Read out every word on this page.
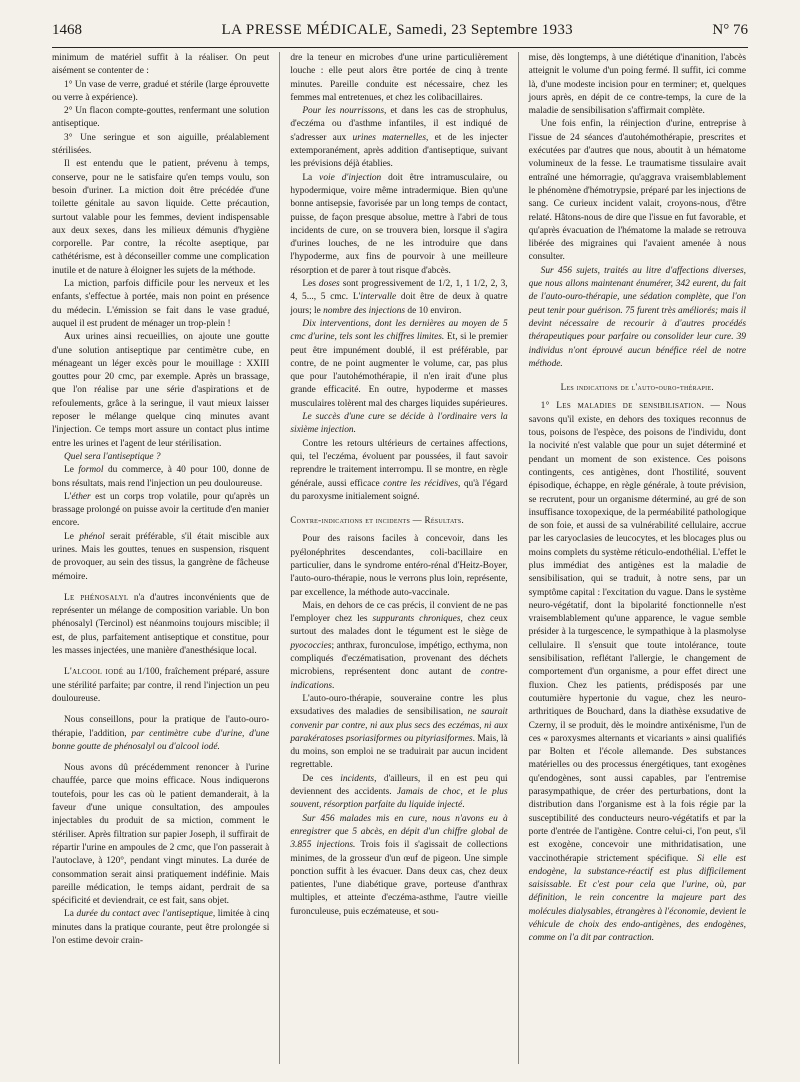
1468	LA PRESSE MÉDICALE, Samedi, 23 Septembre 1933	N° 76

minimum de matériel suffit à la réaliser. On peut aisément se contenter de :

1° Un vase de verre, gradué et stérile (large éprouvette ou verre à expérience).

2° Un flacon compte-gouttes, renfermant une solution antiseptique.

3° Une seringue et son aiguille, préalablement stérilisées.

Il est entendu que le patient, prévenu à temps, conserve, pour ne le satisfaire qu'en temps voulu, son besoin d'uriner. La miction doit être précédée d'une toilette génitale au savon liquide. Cette précaution, surtout valable pour les femmes, devient indispensable aux deux sexes, dans les milieux démunis d'hygiène corporelle. Par contre, la récolte aseptique, par cathétérisme, est à déconseiller comme une complication inutile et de nature à éloigner les sujets de la méthode.

La miction, parfois difficile pour les nerveux et les enfants, s'effectue à portée, mais non point en présence du médecin. L'émission se fait dans le vase gradué, auquel il est prudent de ménager un trop-plein !

Aux urines ainsi recueillies, on ajoute une goutte d'une solution antiseptique par centimètre cube, en ménageant un léger excès pour le mouillage : XXIII gouttes pour 20 cmc, par exemple. Après un brassage, que l'on réalise par une série d'aspirations et de refoulements, grâce à la seringue, il vaut mieux laisser reposer le mélange quelque cinq minutes avant l'injection. Ce temps mort assure un contact plus intime entre les urines et l'agent de leur stérilisation.

Quel sera l'antiseptique ?

Le formol du commerce, à 40 pour 100, donne de bons résultats, mais rend l'injection un peu douloureuse.

L'éther est un corps trop volatile, pour qu'après un brassage prolongé on puisse avoir la certitude d'en manier encore.

Le phénol serait préférable, s'il était miscible aux urines. Mais les gouttes, tenues en suspension, risquent de provoquer, au sein des tissus, la gangrène de fâcheuse mémoire.

Le phénosalyl n'a d'autres inconvénients que de représenter un mélange de composition variable. Un bon phénosalyl (Tercinol) est néanmoins toujours miscible; il est, de plus, parfaitement antiseptique et constitue, pour les masses injectées, une manière d'anesthésique local.

L'alcool iodé au 1/100, fraîchement préparé, assure une stérilité parfaite; par contre, il rend l'injection un peu douloureuse.

Nous conseillons, pour la pratique de l'auto-ouro-thérapie, l'addition, par centimètre cube d'urine, d'une bonne goutte de phénosalyl ou d'alcool iodé.

Nous avons dû précédemment renoncer à l'urine chauffée, parce que moins efficace. Nous indiquerons toutefois, pour les cas où le patient demanderait, à la faveur d'une unique consultation, des ampoules injectables du produit de sa miction, comment le stériliser. Après filtration sur papier Joseph, il suffirait de répartir l'urine en ampoules de 2 cmc, que l'on passerait à l'autoclave, à 120°, pendant vingt minutes. La durée de consommation serait ainsi pratiquement indéfinie. Mais pareille médication, le temps aidant, perdrait de sa spécificité et deviendrait, ce est fait, sans objet.

La durée du contact avec l'antiseptique, limitée à cinq minutes dans la pratique courante, peut être prolongée si l'on estime devoir crain-

dre la teneur en microbes d'une urine particulièrement louche : elle peut alors être portée de cinq à trente minutes. Pareille conduite est nécessaire, chez les femmes mal entretenues, et chez les colibacillaires.

Pour les nourrissons, et dans les cas de strophulus, d'eczéma ou d'asthme infantiles, il est indiqué de s'adresser aux urines maternelles, et de les injecter extemporanément, après addition d'antiseptique, suivant les prévisions déjà établies.

La voie d'injection doit être intramusculaire, ou hypodermique, voire même intradermique. Bien qu'une bonne antisepsie, favorisée par un long temps de contact, puisse, de façon presque absolue, mettre à l'abri de tous incidents de cure, on se trouvera bien, lorsque il s'agira d'urines louches, de ne les introduire que dans l'hypoderme, aux fins de pourvoir à une meilleure résorption et de parer à tout risque d'abcès.

Les doses sont progressivement de 1/2, 1, 1 1/2, 2, 3, 4, 5..., 5 cmc. L'intervalle doit être de deux à quatre jours; le nombre des injections de 10 environ.

Dix interventions, dont les dernières au moyen de 5 cmc d'urine, tels sont les chiffres limites. Et, si le premier peut être impunément doublé, il est préférable, par contre, de ne point augmenter le volume, car, pas plus que pour l'autohémothérapie, il n'en irait d'une plus grande efficacité. En outre, hypoderme et masses musculaires tolèrent mal des charges liquides supérieures.

Le succès d'une cure se décide à l'ordinaire vers la sixième injection.

Contre les retours ultérieurs de certaines affections, qui, tel l'eczéma, évoluent par poussées, il faut savoir reprendre le traitement interrompu. Il se montre, en règle générale, aussi efficace contre les récidives, qu'à l'égard du paroxysme initialement soigné.

Contre-indications et incidents — Résultats.

Pour des raisons faciles à concevoir, dans les pyélonéphrites descendantes, coli-bacillaire en particulier, dans le syndrome entéro-rénal d'Heitz-Boyer, l'auto-ouro-thérapie, nous le verrons plus loin, représente, par excellence, la méthode auto-vaccinale.

Mais, en dehors de ce cas précis, il convient de ne pas l'employer chez les suppurants chroniques, chez ceux surtout des malades dont le tégument est le siège de pyococcies; anthrax, furonculose, impétigo, ecthyma, non compliqués d'eczématisation, provenant des déchets microbiens, représentent donc autant de contre-indications.

L'auto-ouro-thérapie, souveraine contre les plus exsudatives des maladies de sensibilisation, ne saurait convenir par contre, ni aux plus secs des eczémas, ni aux parakératoses psoriasiformes ou pityriasiformes. Mais, là du moins, son emploi ne se traduirait par aucun incident regrettable.

De ces incidents, d'ailleurs, il en est peu qui deviennent des accidents. Jamais de choc, et le plus souvent, résorption parfaite du liquide injecté.

Sur 456 malades mis en cure, nous n'avons eu à enregistrer que 5 abcès, en dépit d'un chiffre global de 3.855 injections. Trois fois il s'agissait de collections minimes, de la grosseur d'un œuf de pigeon. Une simple ponction suffit à les évacuer. Dans deux cas, chez deux patientes, l'une diabétique grave, porteuse d'anthrax multiples, et atteinte d'eczéma-asthme, l'autre vieille furonculeuse, puis eczémateuse, et sou-

mise, dès longtemps, à une diététique d'inanition, l'abcès atteignit le volume d'un poing fermé. Il suffit, ici comme là, d'une modeste incision pour en terminer; et, quelques jours après, en dépit de ce contre-temps, la cure de la maladie de sensibilisation s'affirmait complète.

Une fois enfin, la réinjection d'urine, entreprise à l'issue de 24 séances d'autohémothérapie, prescrites et exécutées par d'autres que nous, aboutit à un hématome volumineux de la fesse. Le traumatisme tissulaire avait entraîné une hémorragie, qu'aggrava vraisemblablement le phénomène d'hémotrypsie, préparé par les injections de sang. Ce curieux incident valait, croyons-nous, d'être relaté. Hâtons-nous de dire que l'issue en fut favorable, et qu'après évacuation de l'hématome la malade se retrouva libérée des migraines qui l'avaient amenée à nous consulter.

Sur 456 sujets, traités au litre d'affections diverses, que nous allons maintenant énumérer, 342 eurent, du fait de l'auto-ouro-thérapie, une sédation complète, que l'on peut tenir pour guérison. 75 furent très améliorés; mais il devint nécessaire de recourir à d'autres procédés thérapeutiques pour parfaire ou consolider leur cure. 39 individus n'ont éprouvé aucun bénéfice réel de notre méthode.

Les indications de l'auto-ouro-thérapie.

1° Les maladies de sensibilisation. — Nous savons qu'il existe, en dehors des toxiques reconnus de tous, poisons de l'espèce, des poisons de l'individu, dont la nocivité n'est valable que pour un sujet déterminé et pendant un moment de son existence. Ces poisons contingents, ces antigènes, dont l'hostilité, souvent épisodique, échappe, en règle générale, à toute prévision, se recrutent, pour un organisme déterminé, au gré de son insuffisance toxopexique, de la perméabilité pathologique de son foie, et aussi de sa vulnérabilité cellulaire, accrue par les caryoclasies de leucocytes, et les blocages plus ou moins complets du système réticulo-endothélial. L'effet le plus immédiat des antigènes est la maladie de sensibilisation, qui se traduit, à notre sens, par un symptôme capital : l'excitation du vague. Dans le système neuro-végétatif, dont la bipolarité fonctionnelle n'est vraisemblablement qu'une apparence, le vague semble présider à la turgescence, le sympathique à la plasmolyse cellulaire. Il s'ensuit que toute intolérance, toute sensibilisation, reflétant l'allergie, le changement de comportement d'un organisme, a pour effet direct une fluxion. Chez les patients, prédisposés par une coutumière hypertonie du vague, chez les neuro-arthritiques de Bouchard, dans la diathèse exsudative de Czerny, il se produit, dès le moindre antixénisme, l'un de ces « paroxysmes alternants et vicariants » ainsi qualifiés par Bolten et l'école allemande. Des substances matérielles ou des processus énergétiques, tant exogènes qu'endogènes, sont aussi capables, par l'entremise parasympathique, de créer des perturbations, dont la distribution dans l'organisme est à la fois régie par la susceptibilité des conducteurs neuro-végétatifs et par la porte d'entrée de l'antigène. Contre celui-ci, l'on peut, s'il est exogène, concevoir une mithridatisation, une vaccinothérapie strictement spécifique. Si elle est endogène, la substance-réactif est plus difficilement saisissable. Et c'est pour cela que l'urine, où, par définition, le rein concentre la majeure part des molécules dialysables, étrangères à l'économie, devient le véhicule de choix des endo-antigènes, des endogènes, comme on l'a dit par contraction.
